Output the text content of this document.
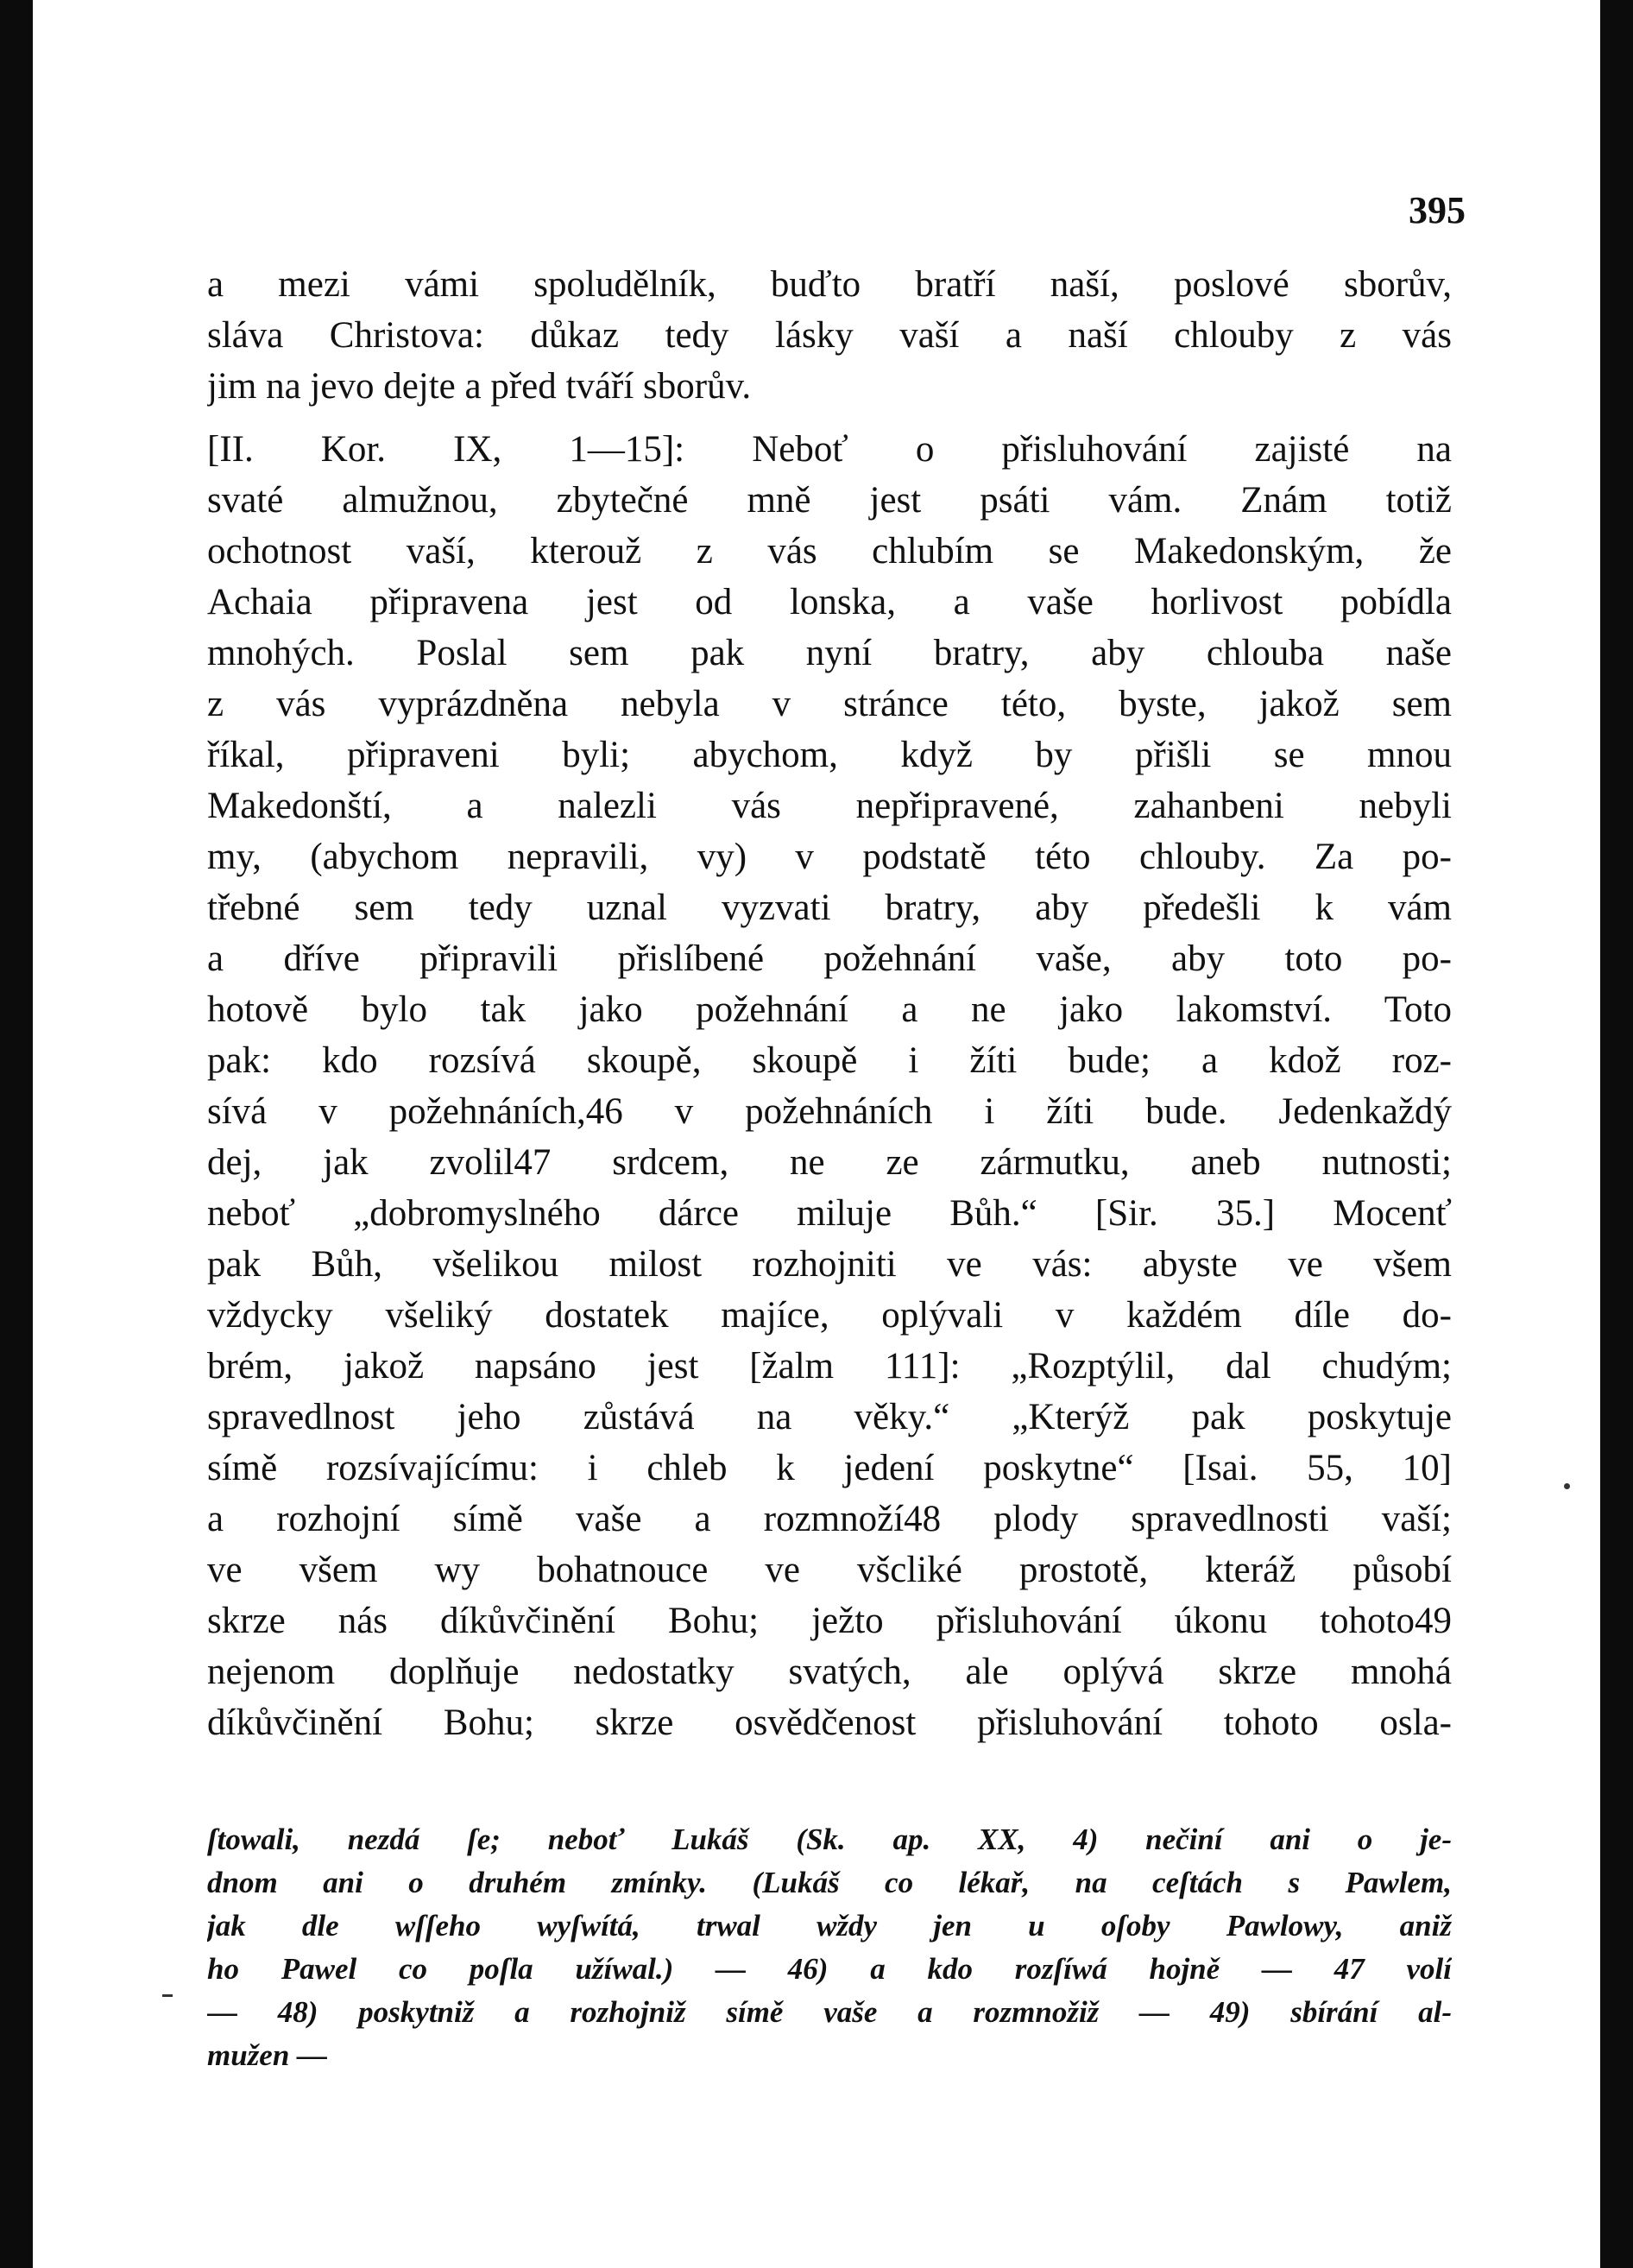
395
a mezi vámi spoludělník, buďto bratří naší, poslové sborův,
sláva Christova: důkaz tedy lásky vaší a naší chlouby z vás
jim na jevo dejte a před tváří sborův.
[II. Kor. IX, 1—15]: Neboť o přisluhování zajisté na
svaté almužnou, zbytečné mně jest psáti vám. Znám totiž
ochotnost vaší, kterouž z vás chlubím se Makedonským, že
Achaia připravena jest od lonska, a vaše horlivost pobídla
mnohých. Poslal sem pak nyní bratry, aby chlouba naše
z vás vyprázdněna nebyla v stránce této, byste, jakož sem
říkal, připraveni byli; abychom, když by přišli se mnou
Makedonští, a nalezli vás nepřipravené, zahanbeni nebyli
my, (abychom nepravili, vy) v podstatě této chlouby. Za po-
třebné sem tedy uznal vyzvati bratry, aby předešli k vám
a dříve připravili přislíbené požehnání vaše, aby toto po-
hotově bylo tak jako požehnání a ne jako lakomství. Toto
pak: kdo rozsívá skoupě, skoupě i žíti bude; a kdož roz-
sívá v požehnáních,46 v požehnáních i žíti bude. Jedenkaždý
dej, jak zvolil47 srdcem, ne ze zármutku, aneb nutnosti;
neboť „dobromyslného dárce miluje Bůh.“ [Sir. 35.] Mocenť
pak Bůh, všelikou milost rozhojniti ve vás: abyste ve všem
vždycky všeliký dostatek majíce, oplývali v každém díle do-
brém, jakož napsáno jest [žalm 111]: „Rozptýlil, dal chudým;
spravedlnost jeho zůstává na věky.“ „Kterýž pak poskytuje
símě rozsívajícímu: i chleb k jedení poskytne“ [Isai. 55, 10]
a rozhojní símě vaše a rozmnoží48 plody spravedlnosti vaší;
ve všem wy bohatnouce ve všcliké prostotě, kteráž působí
skrze nás díkůvčinění Bohu; ježto přisluhování úkonu tohoto49
nejenom doplňuje nedostatky svatých, ale oplývá skrze mnohá
díkůvčinění Bohu; skrze osvědčenost přisluhování tohoto osla-
ſtowali, nezdá ſe; neboť Lukáš (Sk. ap. XX, 4) nečiní ani o je-
dnom ani o druhém zmínky. (Lukáš co lékař, na ceſtách s Pawlem,
jak dle wſſeho wyſwítá, trwal wždy jen u oſoby Pawlowy, aniž
ho Pawel co poſla užíwal.) — 46) a kdo rozſíwá hojně — 47 volí
— 48) poskytniž a rozhojniž símě vaše a rozmnožiž — 49) sbírání al-
mužen —
